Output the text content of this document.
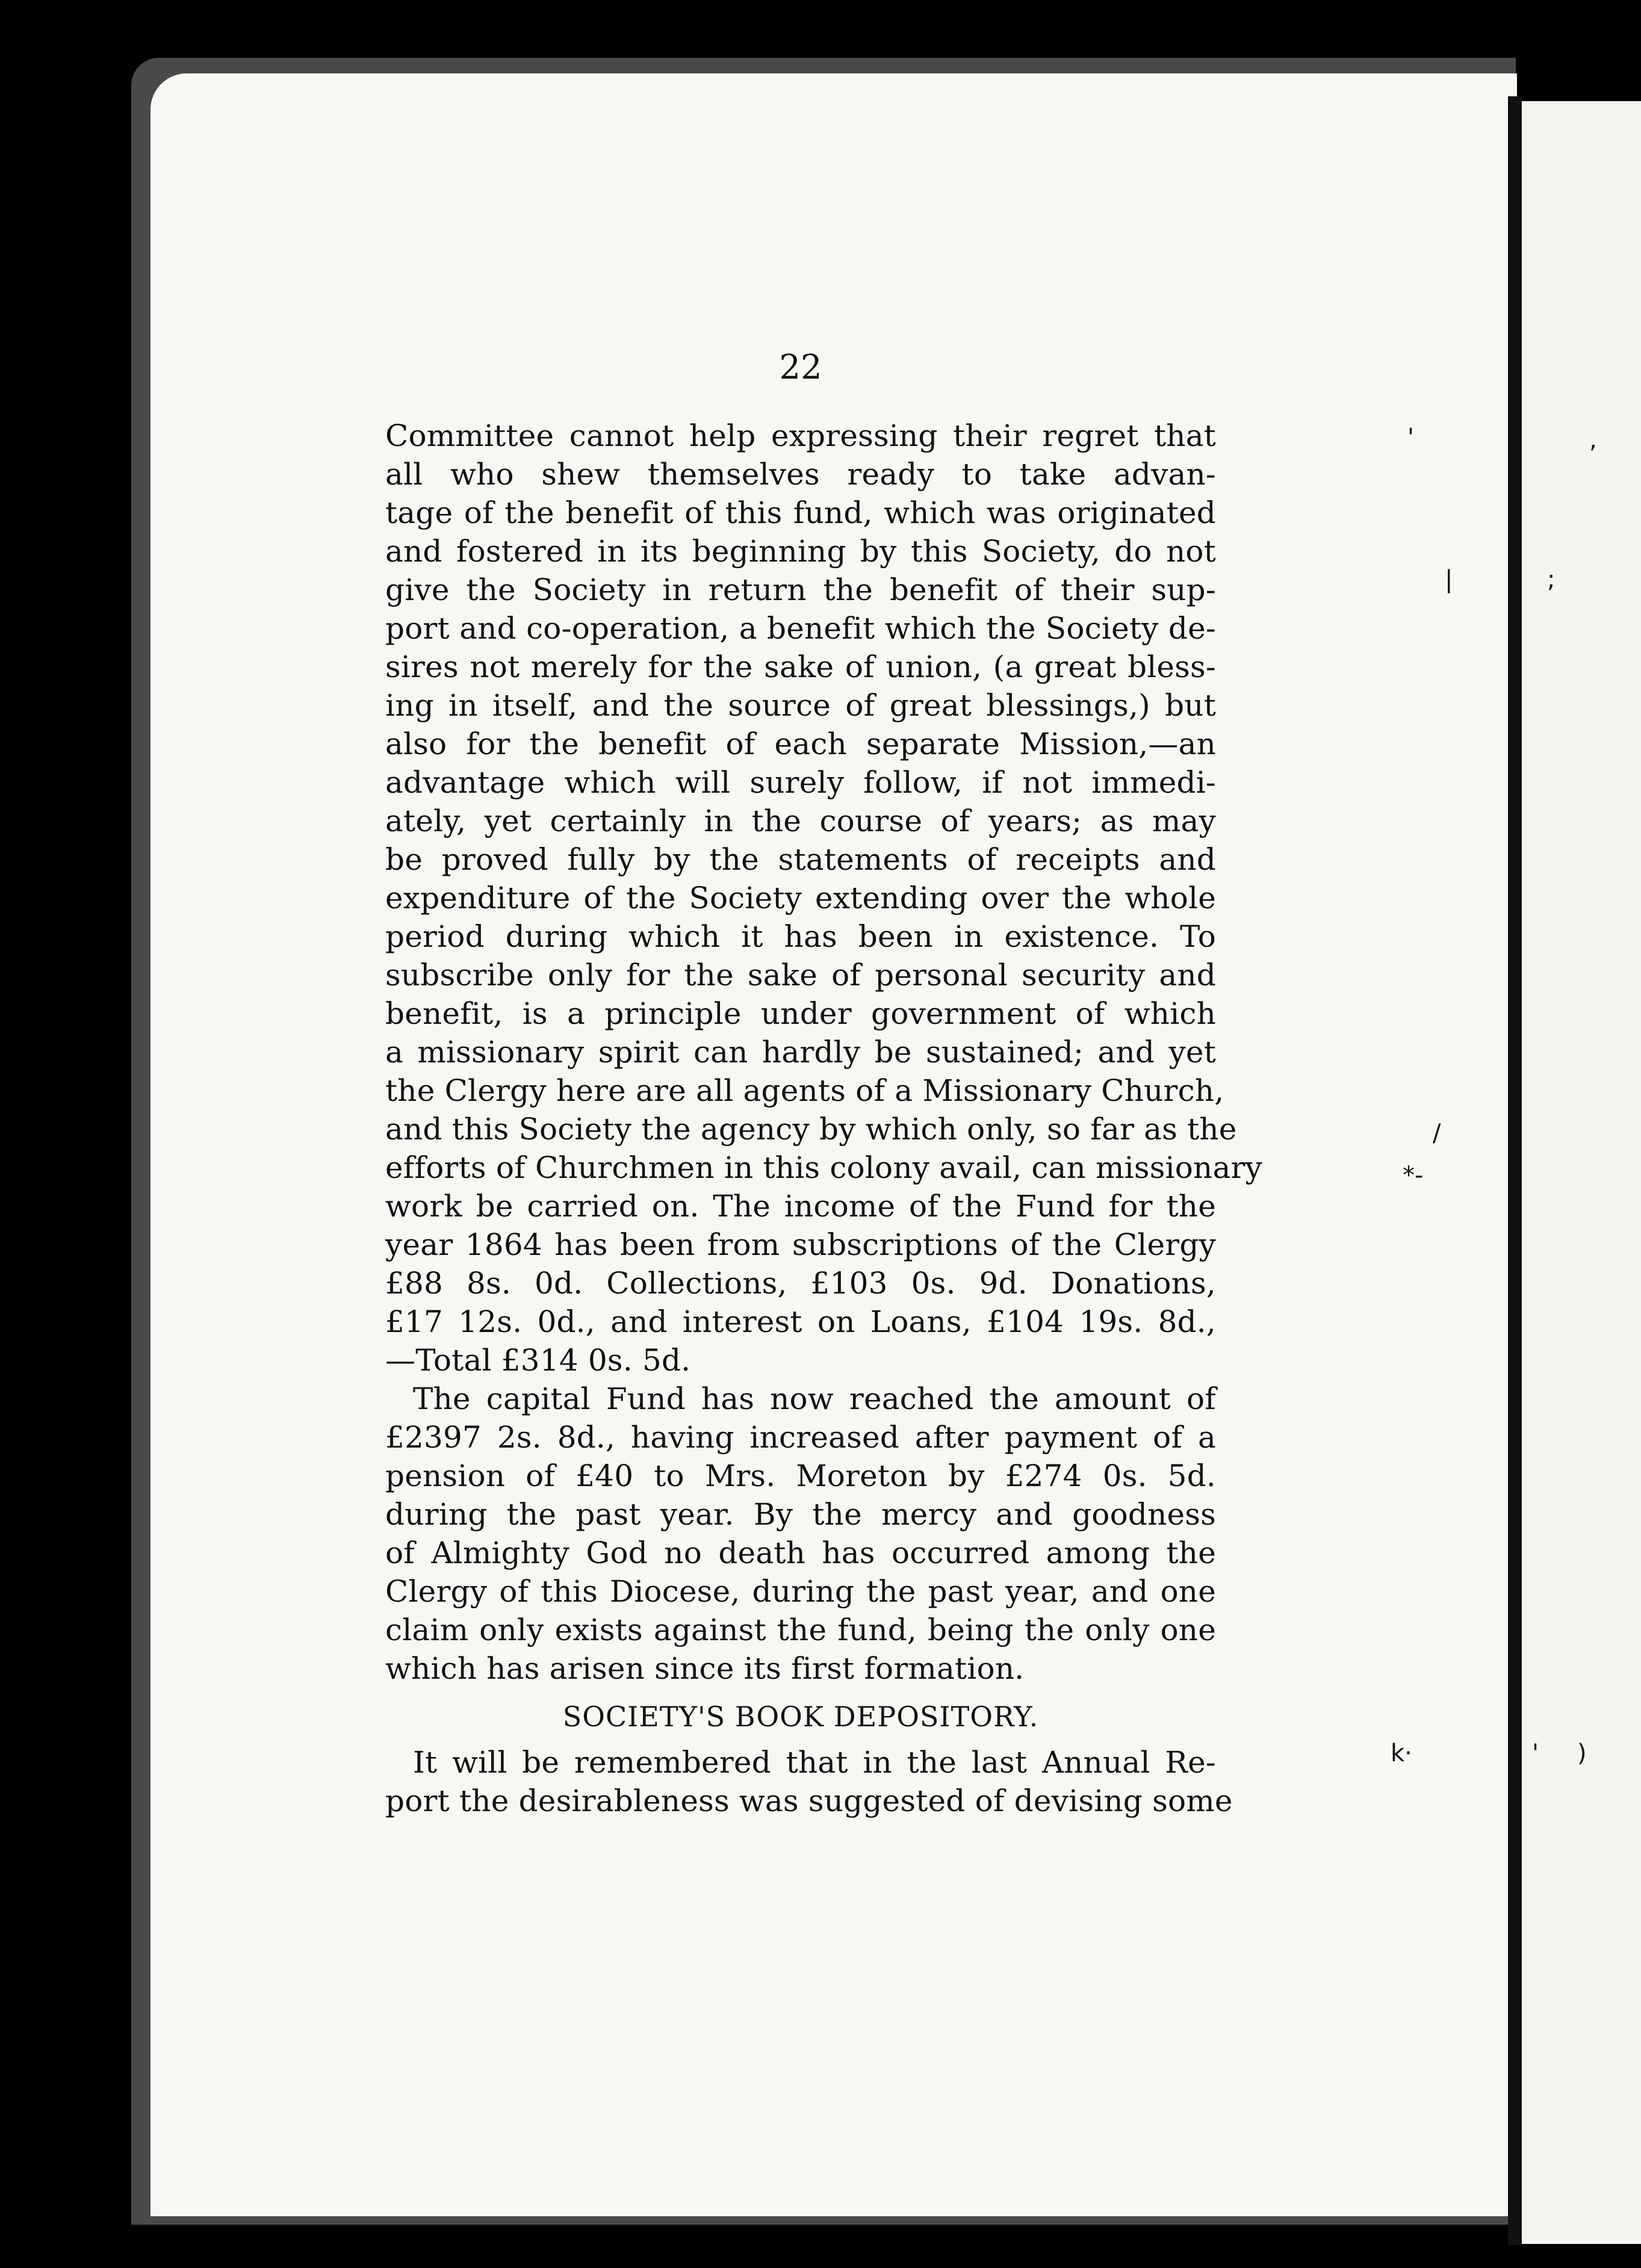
'	,
|	;
/
*-
k·	' )
22
Committee cannot help expressing their regret that
all who shew themselves ready to take advan-
tage of the benefit of this fund, which was originated
and fostered in its beginning by this Society, do not
give the Society in return the benefit of their sup-
port and co-operation, a benefit which the Society de-
sires not merely for the sake of union, (a great bless-
ing in itself, and the source of great blessings,) but
also for the benefit of each separate Mission,—an
advantage which will surely follow, if not immedi-
ately, yet certainly in the course of years; as may
be proved fully by the statements of receipts and
expenditure of the Society extending over the whole
period during which it has been in existence. To
subscribe only for the sake of personal security and
benefit, is a principle under government of which
a missionary spirit can hardly be sustained; and yet
the Clergy here are all agents of a Missionary Church,
and this Society the agency by which only, so far as the
efforts of Churchmen in this colony avail, can missionary
work be carried on. The income of the Fund for the
year 1864 has been from subscriptions of the Clergy
£88 8s. 0d. Collections, £103 0s. 9d. Donations,
£17 12s. 0d., and interest on Loans, £104 19s. 8d.,
—Total £314 0s. 5d.
The capital Fund has now reached the amount of
£2397 2s. 8d., having increased after payment of a
pension of £40 to Mrs. Moreton by £274 0s. 5d.
during the past year. By the mercy and goodness
of Almighty God no death has occurred among the
Clergy of this Diocese, during the past year, and one
claim only exists against the fund, being the only one
which has arisen since its first formation.
SOCIETY'S BOOK DEPOSITORY.
It will be remembered that in the last Annual Re-
port the desirableness was suggested of devising some
